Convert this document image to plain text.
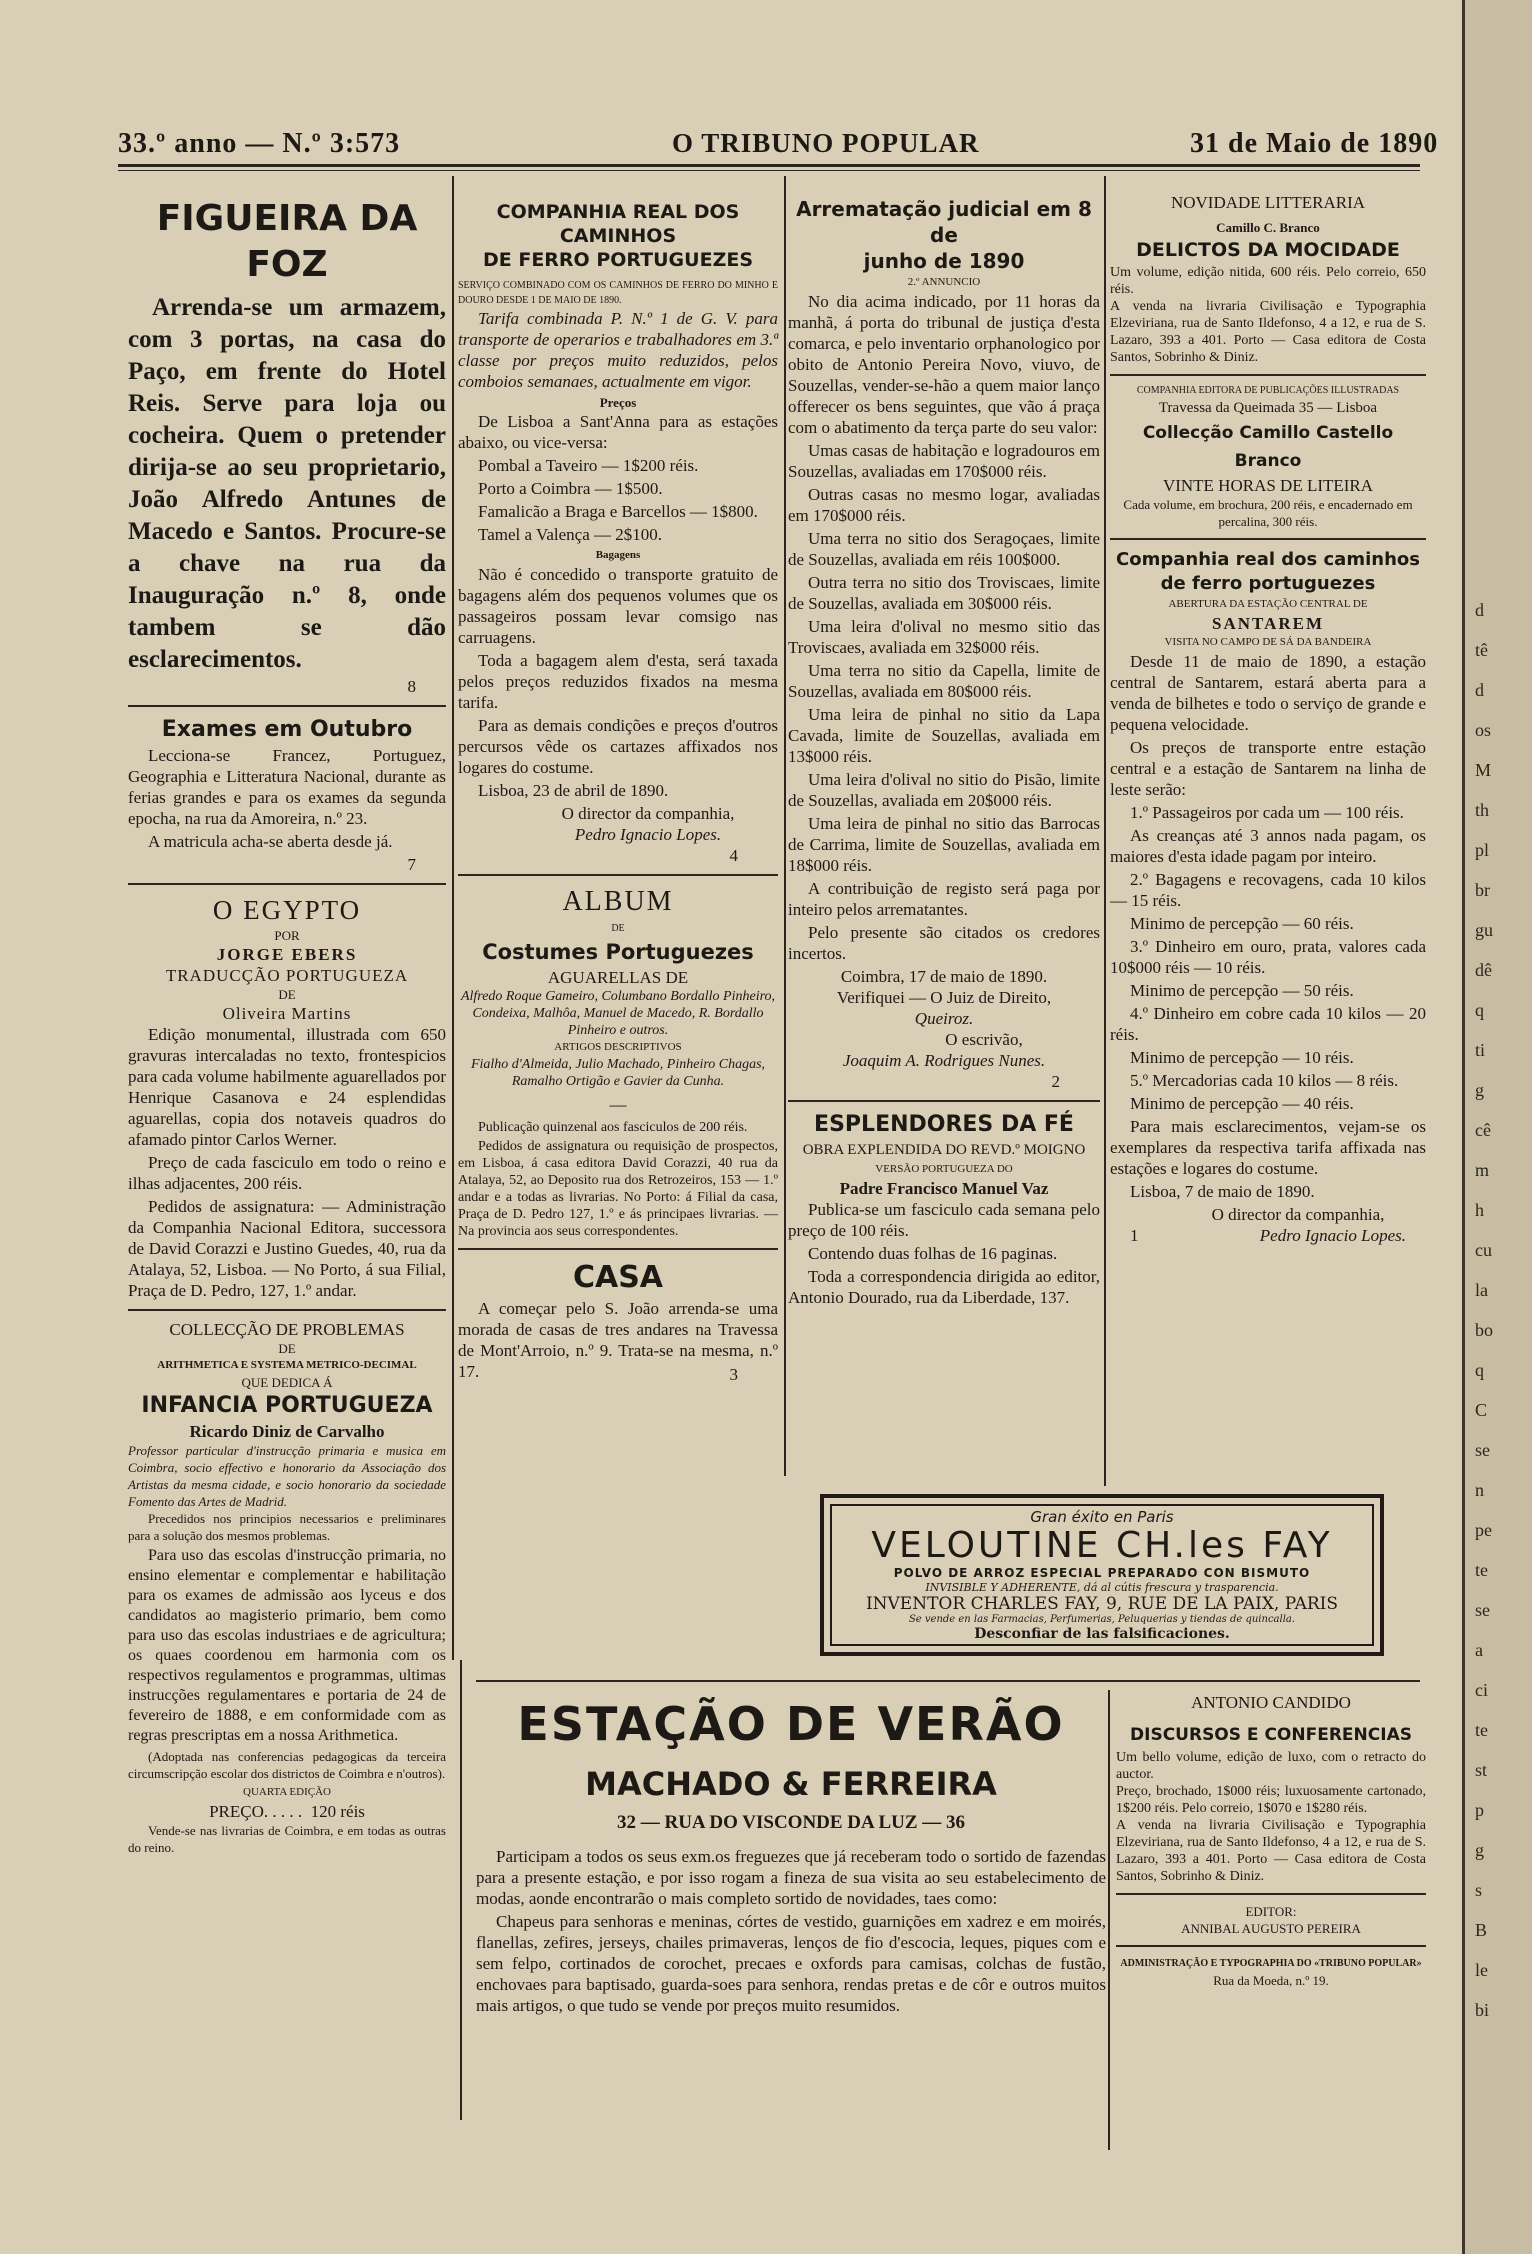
33.º anno — N.º 3:573	O TRIBUNO POPULAR	31 de Maio de 1890
FIGUEIRA DA FOZ
Arrenda-se um armazem, com 3 portas, na casa do Paço, em frente do Hotel Reis. Serve para loja ou cocheira. Quem o pretender dirija-se ao seu proprietario, João Alfredo Antunes de Macedo e Santos. Procure-se a chave na rua da Inauguração n.º 8, onde tambem se dão esclarecimentos.
8
Exames em Outubro

Lecciona-se Francez, Portuguez, Geographia e Litteratura Nacional, durante as ferias grandes e para os exames da segunda epocha, na rua da Amoreira, n.º 23.

A matricula acha-se aberta desde já.

7
O EGYPTO
POR
JORGE EBERS
TRADUCÇÃO PORTUGUEZA
DE
Oliveira Martins

Edição monumental, illustrada com 650 gravuras intercaladas no texto, frontespicios para cada volume habilmente aguarellados por Henrique Casanova e 24 esplendidas aguarellas, copia dos notaveis quadros do afamado pintor Carlos Werner.

Preço de cada fasciculo em todo o reino e ilhas adjacentes, 200 réis.

Pedidos de assignatura: — Administração da Companhia Nacional Editora, successora de David Corazzi e Justino Guedes, 40, rua da Atalaya, 52, Lisboa. — No Porto, á sua Filial, Praça de D. Pedro, 127, 1.º andar.

COLLECÇÃO DE PROBLEMAS
DE
ARITHMETICA E SYSTEMA METRICO-DECIMAL
QUE DEDICA Á
INFANCIA PORTUGUEZA
Ricardo Diniz de Carvalho
Professor particular d'instrucção primaria e musica em Coimbra, socio effectivo e honorario da Associação dos Artistas da mesma cidade, e socio honorario da sociedade Fomento das Artes de Madrid.

Precedidos nos principios necessarios e preliminares para a solução dos mesmos problemas.

Para uso das escolas d'instrucção primaria, no ensino elementar e complementar e habilitação para os exames de admissão aos lyceus e dos candidatos ao magisterio primario, bem como para uso das escolas industriaes e de agricultura; os quaes coordenou em harmonia com os respectivos regulamentos e programmas, ultimas instrucções regulamentares e portaria de 24 de fevereiro de 1888, e em conformidade com as regras prescriptas em a nossa Arithmetica.

(Adoptada nas conferencias pedagogicas da terceira circumscripção escolar dos districtos de Coimbra e n'outros).

QUARTA EDIÇÃO
PREÇO. . . . .  120 réis

Vende-se nas livrarias de Coimbra, e em todas as outras do reino.

COMPANHIA REAL DOS CAMINHOS
DE FERRO PORTUGUEZES
SERVIÇO COMBINADO COM OS CAMINHOS DE FERRO DO MINHO E DOURO DESDE 1 DE MAIO DE 1890.

Tarifa combinada P. N.º 1 de G. V. para transporte de operarios e trabalhadores em 3.ª classe por preços muito reduzidos, pelos comboios semanaes, actualmente em vigor.

Preços

De Lisboa a Sant'Anna para as estações abaixo, ou vice-versa:

Pombal a Taveiro — 1$200 réis.

Porto a Coimbra — 1$500.

Famalicão a Braga e Barcellos — 1$800.

Tamel a Valença — 2$100.

Bagagens

Não é concedido o transporte gratuito de bagagens além dos pequenos volumes que os passageiros possam levar comsigo nas carruagens.

Toda a bagagem alem d'esta, será taxada pelos preços reduzidos fixados na mesma tarifa.

Para as demais condições e preços d'outros percursos vêde os cartazes affixados nos logares do costume.

Lisboa, 23 de abril de 1890.

O director da companhia,
Pedro Ignacio Lopes.
4
ALBUM
DE
Costumes Portuguezes
AGUARELLAS DE
Alfredo Roque Gameiro, Columbano Bordallo Pinheiro, Condeixa, Malhôa, Manuel de Macedo, R. Bordallo Pinheiro e outros.
ARTIGOS DESCRIPTIVOS
Fialho d'Almeida, Julio Machado, Pinheiro Chagas, Ramalho Ortigão e Gavier da Cunha.
—

Publicação quinzenal aos fasciculos de 200 réis.

Pedidos de assignatura ou requisição de prospectos, em Lisboa, á casa editora David Corazzi, 40 rua da Atalaya, 52, ao Deposito rua dos Retrozeiros, 153 — 1.º andar e a todas as livrarias. No Porto: á Filial da casa, Praça de D. Pedro 127, 1.º e ás principaes livrarias. — Na provincia aos seus correspondentes.

CASA

A começar pelo S. João arrenda-se uma morada de casas de tres andares na Travessa de Mont'Arroio, n.º 9. Trata-se na mesma, n.º 17.	3
Arrematação judicial em 8 de
junho de 1890
2.º ANNUNCIO

No dia acima indicado, por 11 horas da manhã, á porta do tribunal de justiça d'esta comarca, e pelo inventario orphanologico por obito de Antonio Pereira Novo, viuvo, de Souzellas, vender-se-hão a quem maior lanço offerecer os bens seguintes, que vão á praça com o abatimento da terça parte do seu valor:

Umas casas de habitação e logradouros em Souzellas, avaliadas em 170$000 réis.

Outras casas no mesmo logar, avaliadas em 170$000 réis.

Uma terra no sitio dos Seragoçaes, limite de Souzellas, avaliada em réis 100$000.

Outra terra no sitio dos Troviscaes, limite de Souzellas, avaliada em 30$000 réis.

Uma leira d'olival no mesmo sitio das Troviscaes, avaliada em 32$000 réis.

Uma terra no sitio da Capella, limite de Souzellas, avaliada em 80$000 réis.

Uma leira de pinhal no sitio da Lapa Cavada, limite de Souzellas, avaliada em 13$000 réis.

Uma leira d'olival no sitio do Pisão, limite de Souzellas, avaliada em 20$000 réis.

Uma leira de pinhal no sitio das Barrocas de Carrima, limite de Souzellas, avaliada em 18$000 réis.

A contribuição de registo será paga por inteiro pelos arrematantes.

Pelo presente são citados os credores incertos.

Coimbra, 17 de maio de 1890.
Verifiquei — O Juiz de Direito,
Queiroz.
O escrivão,
Joaquim A. Rodrigues Nunes.
2
ESPLENDORES DA FÉ
OBRA EXPLENDIDA DO REVD.º MOIGNO
VERSÃO PORTUGUEZA DO
Padre Francisco Manuel Vaz

Publica-se um fasciculo cada semana pelo preço de 100 réis.

Contendo duas folhas de 16 paginas.

Toda a correspondencia dirigida ao editor, Antonio Dourado, rua da Liberdade, 137.

NOVIDADE LITTERARIA
Camillo C. Branco
DELICTOS DA MOCIDADE
Um volume, edição nitida, 600 réis. Pelo correio, 650 réis.
A venda na livraria Civilisação e Typographia Elzeviriana, rua de Santo Ildefonso, 4 a 12, e rua de S. Lazaro, 393 a 401. Porto — Casa editora de Costa Santos, Sobrinho & Diniz.
COMPANHIA EDITORA DE PUBLICAÇÕES ILLUSTRADAS
Travessa da Queimada 35 — Lisboa
Collecção Camillo Castello Branco
VINTE HORAS DE LITEIRA
Cada volume, em brochura, 200 réis, e encadernado em percalina, 300 réis.
Companhia real dos caminhos
de ferro portuguezes
ABERTURA DA ESTAÇÃO CENTRAL DE
SANTAREM
VISITA NO CAMPO DE SÁ DA BANDEIRA

Desde 11 de maio de 1890, a estação central de Santarem, estará aberta para a venda de bilhetes e todo o serviço de grande e pequena velocidade.

Os preços de transporte entre estação central e a estação de Santarem na linha de leste serão:

1.º Passageiros por cada um — 100 réis.

As creanças até 3 annos nada pagam, os maiores d'esta idade pagam por inteiro.

2.º Bagagens e recovagens, cada 10 kilos — 15 réis.

Minimo de percepção — 60 réis.

3.º Dinheiro em ouro, prata, valores cada 10$000 réis — 10 réis.

Minimo de percepção — 50 réis.

4.º Dinheiro em cobre cada 10 kilos — 20 réis.

Minimo de percepção — 10 réis.

5.º Mercadorias cada 10 kilos — 8 réis.

Minimo de percepção — 40 réis.

Para mais esclarecimentos, vejam-se os exemplares da respectiva tarifa affixada nas estações e logares do costume.

Lisboa, 7 de maio de 1890.

O director da companhia,
1	Pedro Ignacio Lopes.
Gran éxito en Paris
VELOUTINE CH.les FAY
POLVO DE ARROZ ESPECIAL PREPARADO CON BISMUTO
INVISIBLE Y ADHERENTE, dá al cútis frescura y trasparencia.
INVENTOR CHARLES FAY, 9, RUE DE LA PAIX, PARIS
Se vende en las Farmacias, Perfumerias, Peluquerias y tiendas de quincalla.
Desconfiar de las falsificaciones.
ESTAÇÃO DE VERÃO
MACHADO & FERREIRA
32 — RUA DO VISCONDE DA LUZ — 36

Participam a todos os seus exm.os freguezes que já receberam todo o sortido de fazendas para a presente estação, e por isso rogam a fineza de sua visita ao seu estabelecimento de modas, aonde encontrarão o mais completo sortido de novidades, taes como:

Chapeus para senhoras e meninas, córtes de vestido, guarnições em xadrez e em moirés, flanellas, zefires, jerseys, chailes primaveras, lenços de fio d'escocia, leques, piques com e sem felpo, cortinados de corochet, precaes e oxfords para camisas, colchas de fustão, enchovaes para baptisado, guarda-soes para senhora, rendas pretas e de côr e outros muitos mais artigos, o que tudo se vende por preços muito resumidos.

ANTONIO CANDIDO
DISCURSOS E CONFERENCIAS
Um bello volume, edição de luxo, com o retracto do auctor.
Preço, brochado, 1$000 réis; luxuosamente cartonado, 1$200 réis. Pelo correio, 1$070 e 1$280 réis.
A venda na livraria Civilisação e Typographia Elzeviriana, rua de Santo Ildefonso, 4 a 12, e rua de S. Lazaro, 393 a 401. Porto — Casa editora de Costa Santos, Sobrinho & Diniz.
EDITOR:
ANNIBAL AUGUSTO PEREIRA
ADMINISTRAÇÃO E TYPOGRAPHIA DO «TRIBUNO POPULAR»
Rua da Moeda, n.º 19.
d
tê
d
os
M
th
pl
br
gu
dê
q
ti
g
cê
m
h
cu
la
bo
q
C
se
n
pe
te
se
a
ci
te
st
p
g
s
B
le
bi
